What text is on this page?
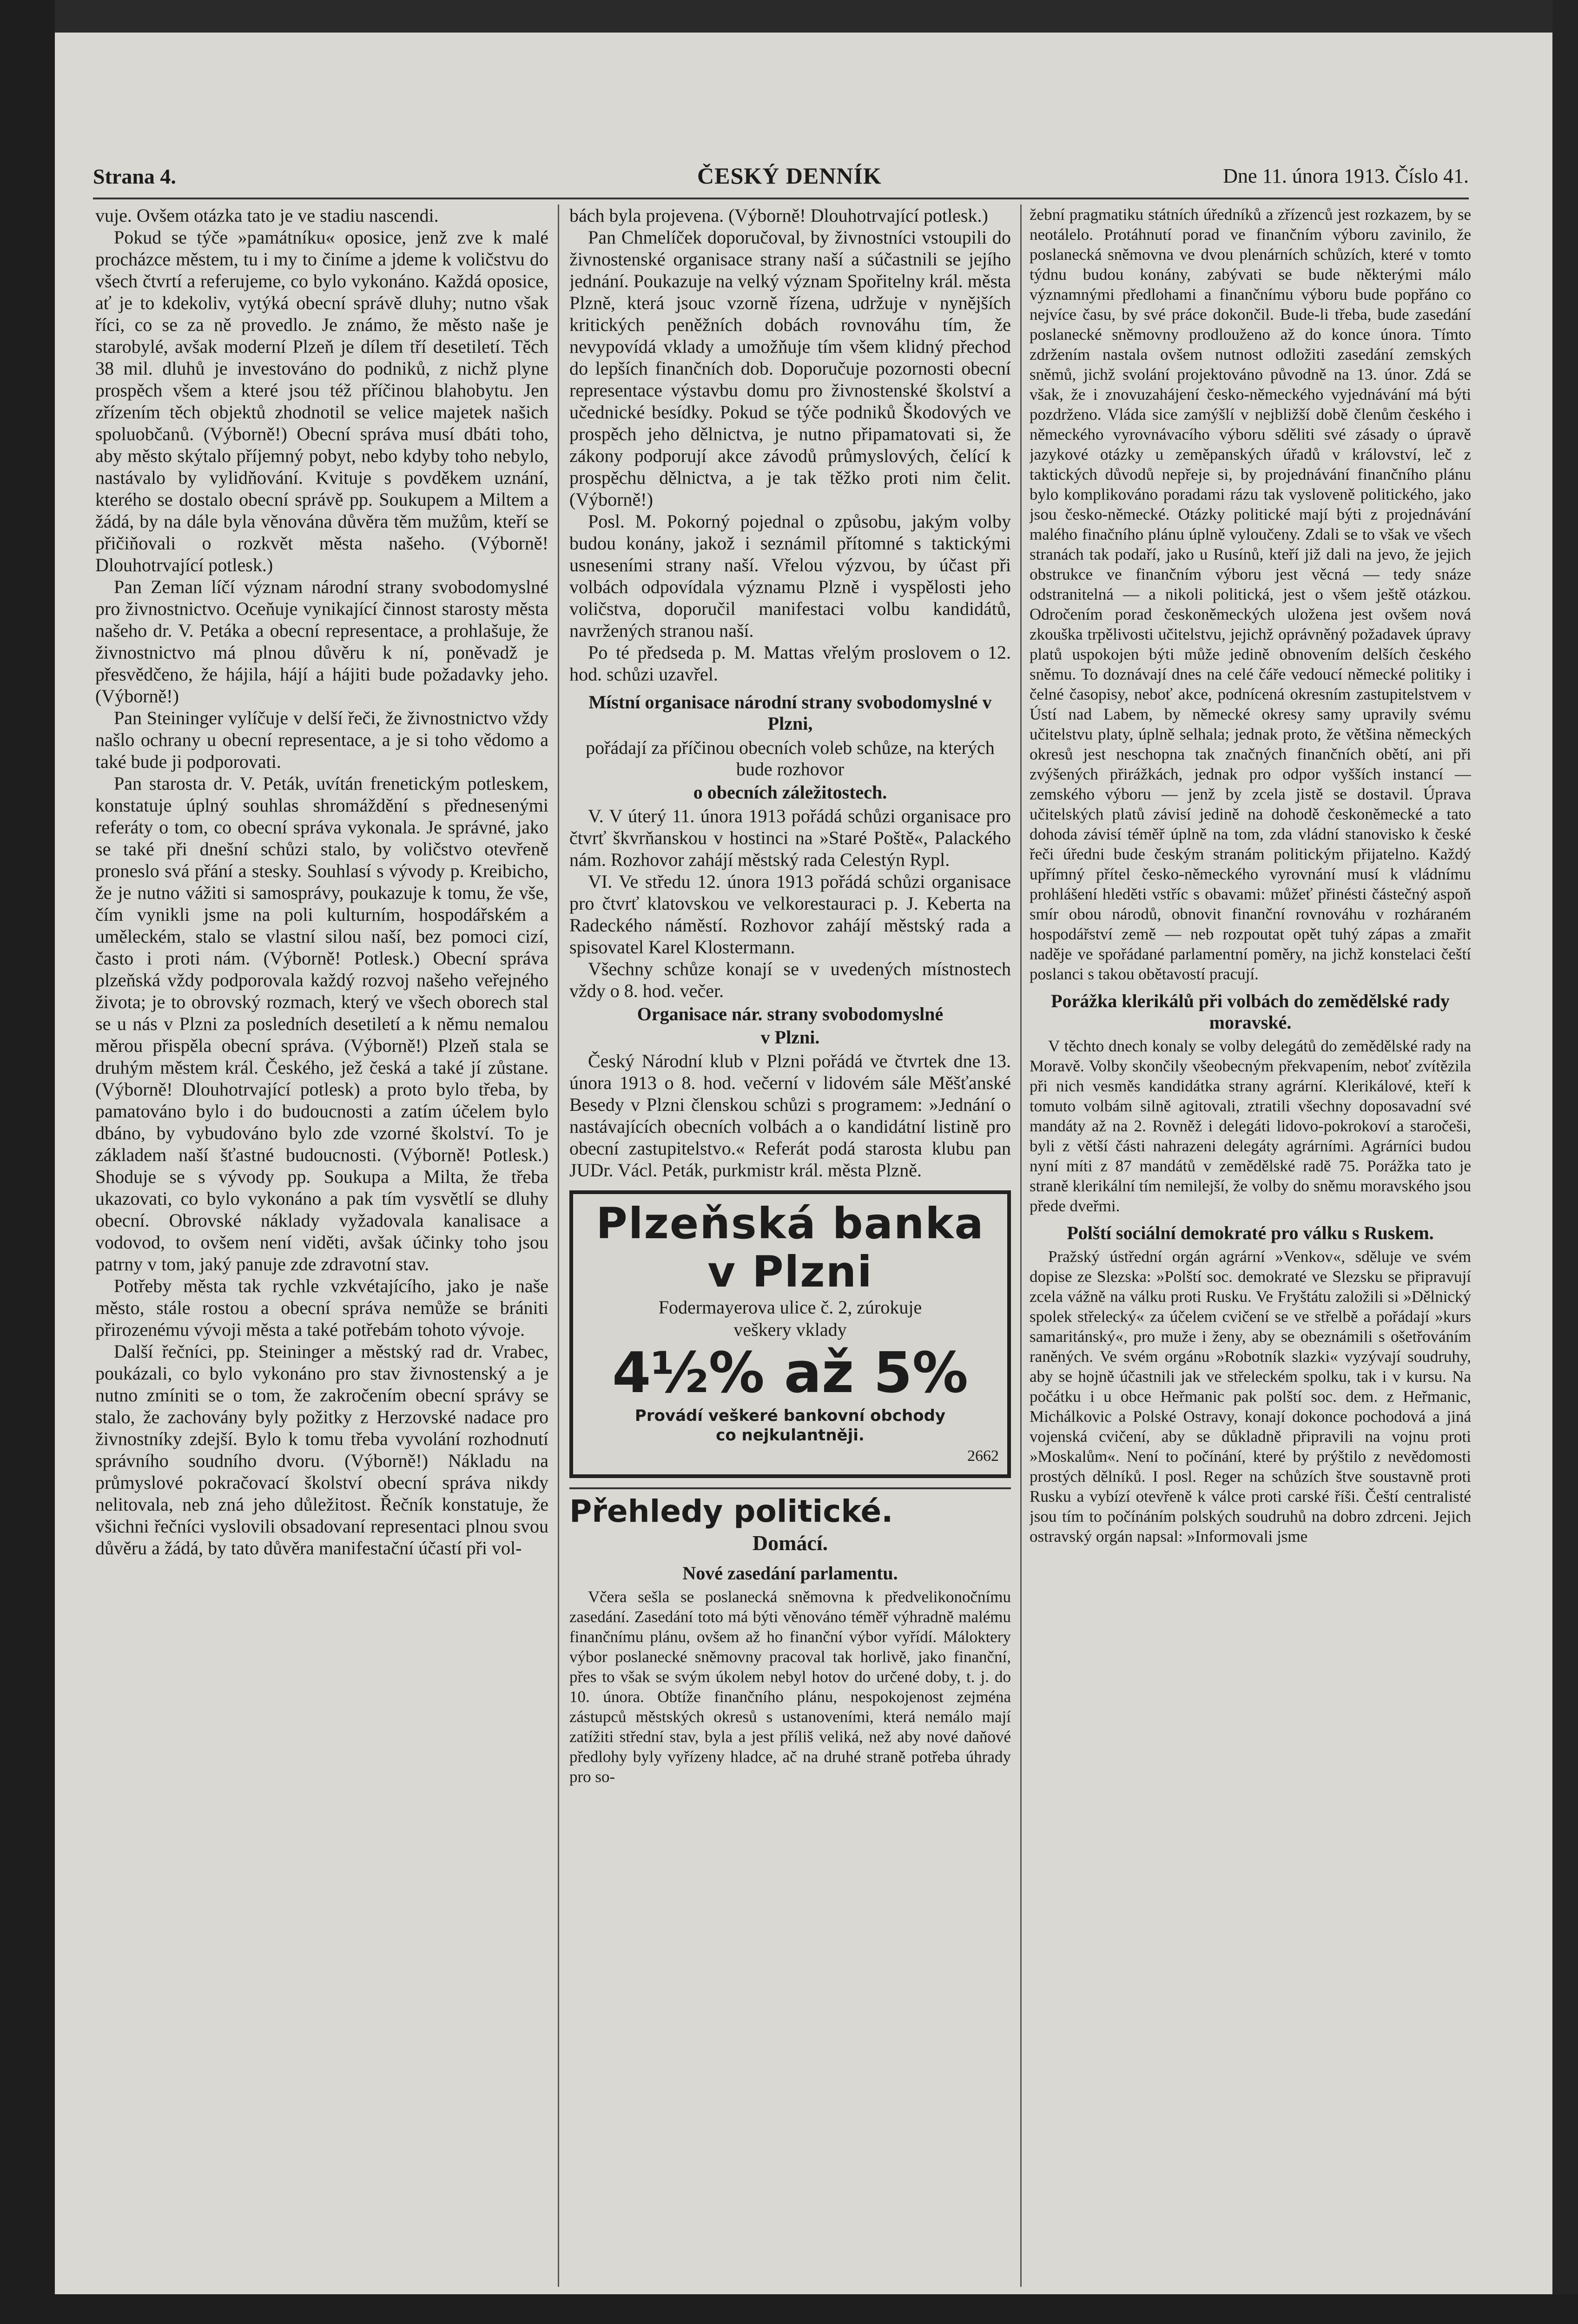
Strana 4.	ČESKÝ DENNÍK	Dne 11. února 1913. Číslo 41.

vuje. Ovšem otázka tato je ve stadiu nascendi.

Pokud se týče »památníku« oposice, jenž zve k malé procházce městem, tu i my to činíme a jdeme k voličstvu do všech čtvrtí a referujeme, co bylo vykonáno. Každá oposice, ať je to kdekoliv, vytýká obecní správě dluhy; nutno však říci, co se za ně provedlo. Je známo, že město naše je starobylé, avšak moderní Plzeň je dílem tří desetiletí. Těch 38 mil. dluhů je investováno do podniků, z nichž plyne prospěch všem a které jsou též příčinou blahobytu. Jen zřízením těch objektů zhodnotil se velice majetek našich spoluobčanů. (Výborně!) Obecní správa musí dbáti toho, aby město skýtalo příjemný pobyt, nebo kdyby toho nebylo, nastávalo by vylidňování. Kvituje s povděkem uznání, kterého se dostalo obecní správě pp. Soukupem a Miltem a žádá, by na dále byla věnována důvěra těm mužům, kteří se přičiňovali o rozkvět města našeho. (Výborně! Dlouhotrvající potlesk.)

Pan Zeman líčí význam národní strany svobodomyslné pro živnostnictvo. Oceňuje vynikající činnost starosty města našeho dr. V. Petáka a obecní representace, a prohlašuje, že živnostnictvo má plnou důvěru k ní, poněvadž je přesvědčeno, že hájila, hájí a hájiti bude požadavky jeho. (Výborně!)

Pan Steininger vylíčuje v delší řeči, že živnostnictvo vždy našlo ochrany u obecní representace, a je si toho vědomo a také bude ji podporovati.

Pan starosta dr. V. Peták, uvítán frenetickým potleskem, konstatuje úplný souhlas shromáždění s přednesenými referáty o tom, co obecní správa vykonala. Je správné, jako se také při dnešní schůzi stalo, by voličstvo otevřeně proneslo svá přání a stesky. Souhlasí s vývody p. Kreibicho, že je nutno vážiti si samosprávy, poukazuje k tomu, že vše, čím vynikli jsme na poli kulturním, hospodářském a uměleckém, stalo se vlastní silou naší, bez pomoci cizí, často i proti nám. (Výborně! Potlesk.) Obecní správa plzeňská vždy podporovala každý rozvoj našeho veřejného života; je to obrovský rozmach, který ve všech oborech stal se u nás v Plzni za posledních desetiletí a k němu nemalou měrou přispěla obecní správa. (Výborně!) Plzeň stala se druhým městem král. Českého, jež česká a také jí zůstane. (Výborně! Dlouhotrvající potlesk) a proto bylo třeba, by pamatováno bylo i do budoucnosti a zatím účelem bylo dbáno, by vybudováno bylo zde vzorné školství. To je základem naší šťastné budoucnosti. (Výborně! Potlesk.) Shoduje se s vývody pp. Soukupa a Milta, že třeba ukazovati, co bylo vykonáno a pak tím vysvětlí se dluhy obecní. Obrovské náklady vyžadovala kanalisace a vodovod, to ovšem není viděti, avšak účinky toho jsou patrny v tom, jaký panuje zde zdravotní stav.

Potřeby města tak rychle vzkvétajícího, jako je naše město, stále rostou a obecní správa nemůže se brániti přirozenému vývoji města a také potřebám tohoto vývoje.

Další řečníci, pp. Steininger a městský rad dr. Vrabec, poukázali, co bylo vykonáno pro stav živnostenský a je nutno zmíniti se o tom, že zakročením obecní správy se stalo, že zachovány byly požitky z Herzovské nadace pro živnostníky zdejší. Bylo k tomu třeba vyvolání rozhodnutí správního soudního dvoru. (Výborně!) Nákladu na průmyslové pokračovací školství obecní správa nikdy nelitovala, neb zná jeho důležitost. Řečník konstatuje, že všichni řečníci vyslovili obsadovaní representaci plnou svou důvěru a žádá, by tato důvěra manifestační účastí při vol-

bách byla projevena. (Výborně! Dlouhotrvající potlesk.)

Pan Chmelíček doporučoval, by živnostníci vstoupili do živnostenské organisace strany naší a súčastnili se jejího jednání. Poukazuje na velký význam Spořitelny král. města Plzně, která jsouc vzorně řízena, udržuje v nynějších kritických peněžních dobách rovnováhu tím, že nevypovídá vklady a umožňuje tím všem klidný přechod do lepších finančních dob. Doporučuje pozornosti obecní representace výstavbu domu pro živnostenské školství a učednické besídky. Pokud se týče podniků Škodových ve prospěch jeho dělnictva, je nutno připamatovati si, že zákony podporují akce závodů průmyslových, čelící k prospěchu dělnictva, a je tak těžko proti nim čelit. (Výborně!)

Posl. M. Pokorný pojednal o způsobu, jakým volby budou konány, jakož i seznámil přítomné s taktickými usneseními strany naší. Vřelou výzvou, by účast při volbách odpovídala významu Plzně i vyspělosti jeho voličstva, doporučil manifestaci volbu kandidátů, navržených stranou naší.

Po té předseda p. M. Mattas vřelým proslovem o 12. hod. schůzi uzavřel.

Místní organisace národní strany svobodomyslné v Plzni,
pořádají za příčinou obecních voleb schůze, na kterých bude rozhovor
o obecních záležitostech.

V. V úterý 11. února 1913 pořádá schůzi organisace pro čtvrť škvrňanskou v hostinci na »Staré Poště«, Palackého nám. Rozhovor zahájí městský rada Celestýn Rypl.

VI. Ve středu 12. února 1913 pořádá schůzi organisace pro čtvrť klatovskou ve velkorestauraci p. J. Keberta na Radeckého náměstí. Rozhovor zahájí městský rada a spisovatel Karel Klostermann.

Všechny schůze konají se v uvedených místnostech vždy o 8. hod. večer.

Organisace nár. strany svobodomyslné
v Plzni.

Český Národní klub v Plzni pořádá ve čtvrtek dne 13. února 1913 o 8. hod. večerní v lidovém sále Měšťanské Besedy v Plzni členskou schůzi s programem: »Jednání o nastávajících obecních volbách a o kandidátní listině pro obecní zastupitelstvo.« Referát podá starosta klubu pan JUDr. Václ. Peták, purkmistr král. města Plzně.

Plzeňská banka
v Plzni
Fodermayerova ulice č. 2, zúrokuje
veškery vklady
4½% až 5%
Provádí veškeré bankovní obchody
co nejkulantněji.
2662
Přehledy politické.
Domácí.
Nové zasedání parlamentu.

Včera sešla se poslanecká sněmovna k předvelikonočnímu zasedání. Zasedání toto má býti věnováno téměř výhradně malému finančnímu plánu, ovšem až ho finanční výbor vyřídí. Máloktery výbor poslanecké sněmovny pracoval tak horlivě, jako finanční, přes to však se svým úkolem nebyl hotov do určené doby, t. j. do 10. února. Obtíže finančního plánu, nespokojenost zejména zástupců městských okresů s ustanoveními, která nemálo mají zatížiti střední stav, byla a jest příliš veliká, než aby nové daňové předlohy byly vyřízeny hladce, ač na druhé straně potřeba úhrady pro so-

žební pragmatiku státních úředníků a zřízenců jest rozkazem, by se neotálelo. Protáhnutí porad ve finančním výboru zavinilo, že poslanecká sněmovna ve dvou plenárních schůzích, které v tomto týdnu budou konány, zabývati se bude některými málo významnými předlohami a finančnímu výboru bude popřáno co nejvíce času, by své práce dokončil. Bude-li třeba, bude zasedání poslanecké sněmovny prodlouženo až do konce února. Tímto zdržením nastala ovšem nutnost odložiti zasedání zemských sněmů, jichž svolání projektováno původně na 13. únor. Zdá se však, že i znovuzahájení česko-německého vyjednávání má býti pozdrženo. Vláda sice zamýšlí v nejbližší době členům českého i německého vyrovnávacího výboru sděliti své zásady o úpravě jazykové otázky u zeměpanských úřadů v království, leč z taktických důvodů nepřeje si, by projednávání finančního plánu bylo komplikováno poradami rázu tak vysloveně politického, jako jsou česko-německé. Otázky politické mají býti z projednávání malého finačního plánu úplně vyloučeny. Zdali se to však ve všech stranách tak podaří, jako u Rusínů, kteří již dali na jevo, že jejich obstrukce ve finančním výboru jest věcná — tedy snáze odstranitelná — a nikoli politická, jest o všem ještě otázkou. Odročením porad českoněmeckých uložena jest ovšem nová zkouška trpělivosti učitelstvu, jejichž oprávněný požadavek úpravy platů uspokojen býti může jedině obnovením delších českého sněmu. To doznávají dnes na celé čáře vedoucí německé politiky i čelné časopisy, neboť akce, podnícená okresním zastupitelstvem v Ústí nad Labem, by německé okresy samy upravily svému učitelstvu platy, úplně selhala; jednak proto, že většina německých okresů jest neschopna tak značných finančních obětí, ani při zvýšených přirážkách, jednak pro odpor vyšších instancí — zemského výboru — jenž by zcela jistě se dostavil. Úprava učitelských platů závisí jedině na dohodě českoněmecké a tato dohoda závisí téměř úplně na tom, zda vládní stanovisko k české řeči úředni bude českým stranám politickým přijatelno. Každý upřímný přítel česko-německého vyrovnání musí k vládnímu prohlášení hleděti vstříc s obavami: můžeť přinésti částečný aspoň smír obou národů, obnovit finanční rovnováhu v rozháraném hospodářství země — neb rozpoutat opět tuhý zápas a zmařit naděje ve spořádané parlamentní poměry, na jichž konstelaci čeští poslanci s takou obětavostí pracují.

Porážka klerikálů při volbách do zemědělské rady moravské.

V těchto dnech konaly se volby delegátů do zemědělské rady na Moravě. Volby skončily všeobecným překvapením, neboť zvítězila při nich vesměs kandidátka strany agrární. Klerikálové, kteří k tomuto volbám silně agitovali, ztratili všechny doposavadní své mandáty až na 2. Rovněž i delegáti lidovo-pokrokoví a staročeši, byli z větší části nahrazeni delegáty agrárními. Agrárníci budou nyní míti z 87 mandátů v zemědělské radě 75. Porážka tato je straně klerikální tím nemilejší, že volby do sněmu moravského jsou přede dveřmi.

Polští sociální demokraté pro válku s Ruskem.

Pražský ústřední orgán agrární »Venkov«, sděluje ve svém dopise ze Slezska: »Polští soc. demokraté ve Slezsku se připravují zcela vážně na válku proti Rusku. Ve Fryštátu založili si »Dělnický spolek střelecký« za účelem cvičení se ve střelbě a pořádají »kurs samaritánský«, pro muže i ženy, aby se obeznámili s ošetřováním raněných. Ve svém orgánu »Robotník slazki« vyzývají soudruhy, aby se hojně účastnili jak ve střeleckém spolku, tak i v kursu. Na počátku i u obce Heřmanic pak polští soc. dem. z Heřmanic, Michálkovic a Polské Ostravy, konají dokonce pochodová a jiná vojenská cvičení, aby se důkladně připravili na vojnu proti »Moskalům«. Není to počínání, které by prýštilo z nevědomosti prostých dělníků. I posl. Reger na schůzích štve soustavně proti Rusku a vybízí otevřeně k válce proti carské říši. Čeští centralisté jsou tím to počínáním polských soudruhů na dobro zdrceni. Jejich ostravský orgán napsal: »Informovali jsme
